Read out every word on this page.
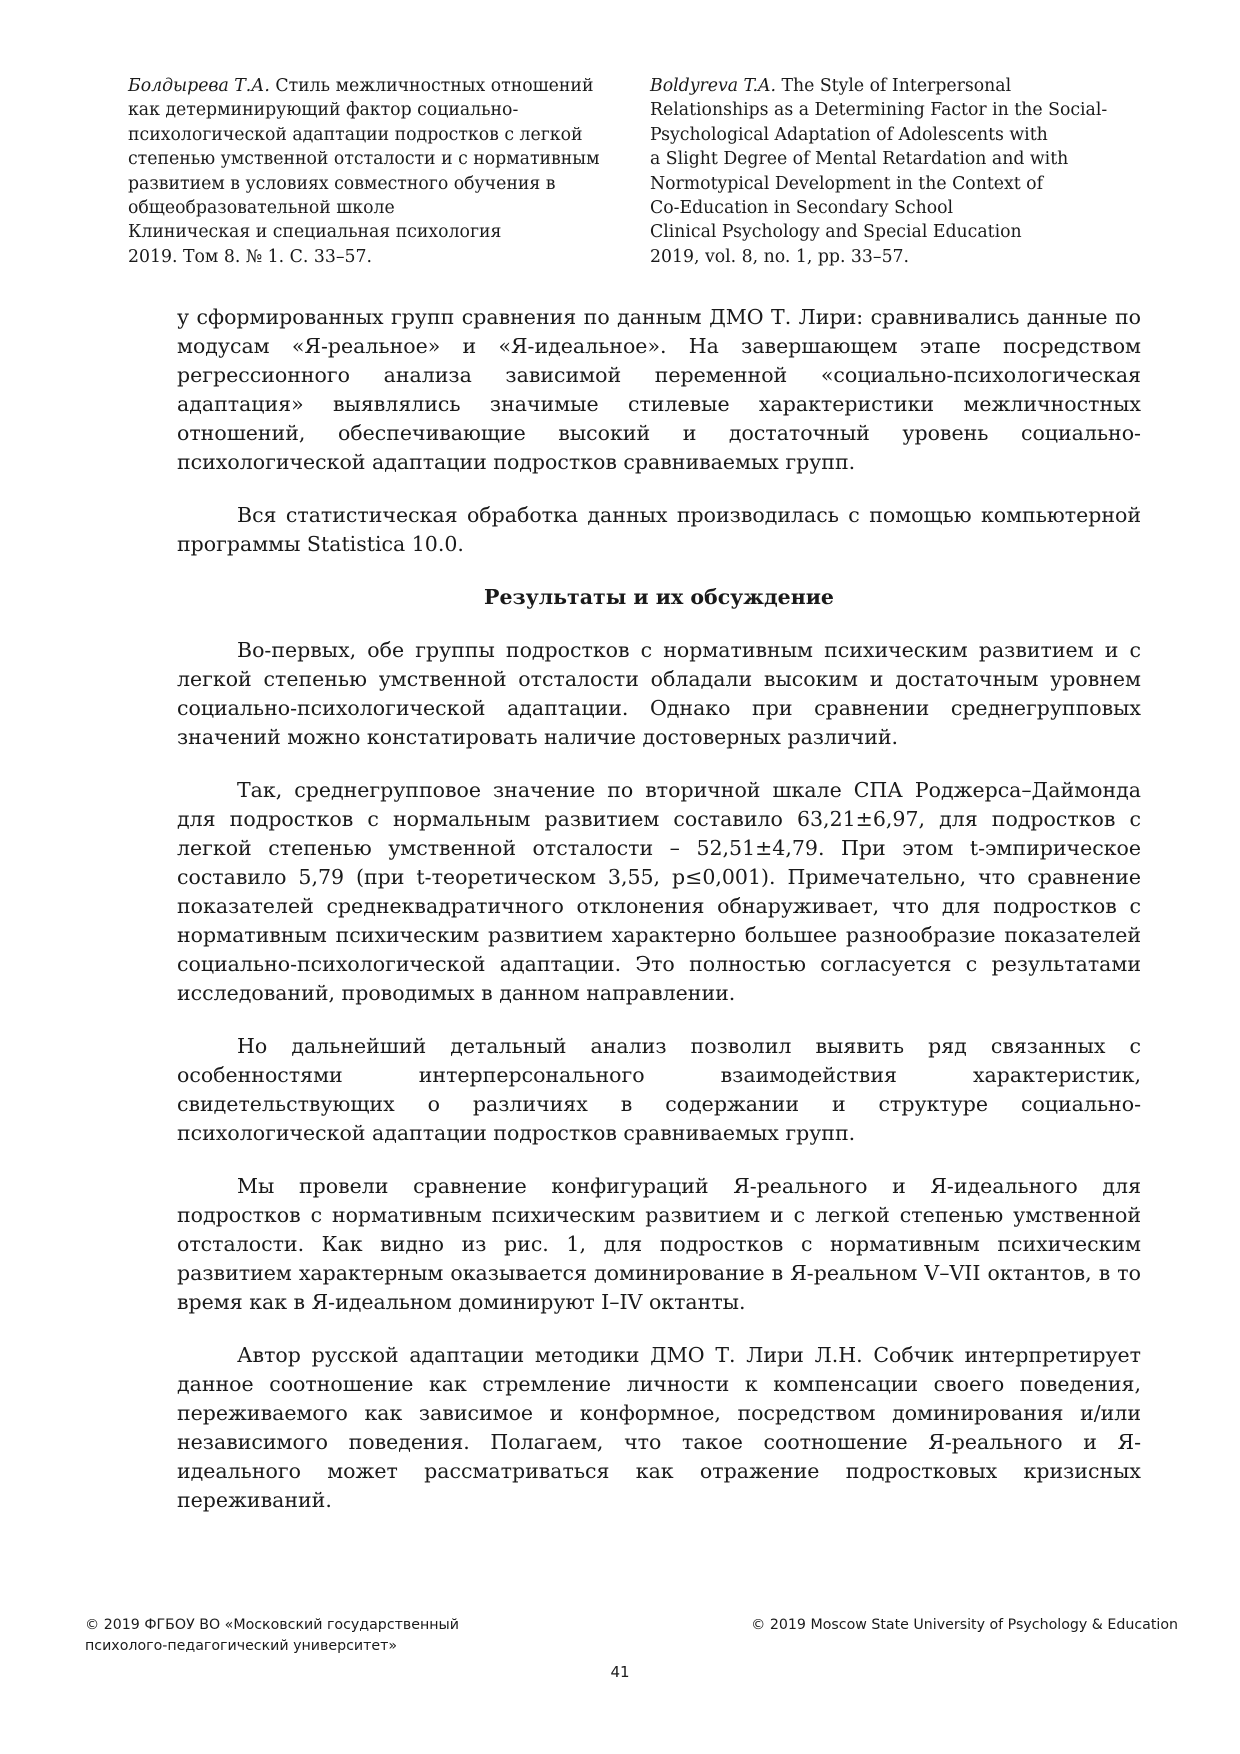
Болдырева Т.А. Стиль межличностных отношений
как детерминирующий фактор социально-
психологической адаптации подростков с легкой
степенью умственной отсталости и с нормативным
развитием в условиях совместного обучения в
общеобразовательной школе
Клиническая и специальная психология
2019. Том 8. № 1. С. 33–57.
Boldyreva T.A. The Style of Interpersonal
Relationships as a Determining Factor in the Social-
Psychological Adaptation of Adolescents with
a Slight Degree of Mental Retardation and with
Normotypical Development in the Context of
Co-Education in Secondary School
Clinical Psychology and Special Education
2019, vol. 8, no. 1, pp. 33–57.

у сформированных групп сравнения по данным ДМО Т. Лири: сравнивались данные по модусам «Я-реальное» и «Я-идеальное». На завершающем этапе посредством регрессионного анализа зависимой переменной «социально-психологическая адаптация» выявлялись значимые стилевые характеристики межличностных отношений, обеспечивающие высокий и достаточный уровень социально-психологической адаптации подростков сравниваемых групп.

Вся статистическая обработка данных производилась с помощью компьютерной программы Statistica 10.0.

Результаты и их обсуждение

Во-первых, обе группы подростков с нормативным психическим развитием и с легкой степенью умственной отсталости обладали высоким и достаточным уровнем социально-психологической адаптации. Однако при сравнении среднегрупповых значений можно констатировать наличие достоверных различий.

Так, среднегрупповое значение по вторичной шкале СПА Роджерса–Даймонда для подростков с нормальным развитием составило 63,21±6,97, для подростков с легкой степенью умственной отсталости – 52,51±4,79. При этом t-эмпирическое составило 5,79 (при t-теоретическом 3,55, p≤0,001). Примечательно, что сравнение показателей среднеквадратичного отклонения обнаруживает, что для подростков с нормативным психическим развитием характерно большее разнообразие показателей социально-психологической адаптации. Это полностью согласуется с результатами исследований, проводимых в данном направлении.

Но дальнейший детальный анализ позволил выявить ряд связанных с особенностями интерперсонального взаимодействия характеристик, свидетельствующих о различиях в содержании и структуре социально-психологической адаптации подростков сравниваемых групп.

Мы провели сравнение конфигураций Я-реального и Я-идеального для подростков с нормативным психическим развитием и с легкой степенью умственной отсталости. Как видно из рис. 1, для подростков с нормативным психическим развитием характерным оказывается доминирование в Я-реальном V–VII октантов, в то время как в Я-идеальном доминируют I–IV октанты.

Автор русской адаптации методики ДМО Т. Лири Л.Н. Собчик интерпретирует данное соотношение как стремление личности к компенсации своего поведения, переживаемого как зависимое и конформное, посредством доминирования и/или независимого поведения. Полагаем, что такое соотношение Я-реального и Я-идеального может рассматриваться как отражение подростковых кризисных переживаний.

© 2019 ФГБОУ ВО «Московский государственный
психолого-педагогический университет»
© 2019 Moscow State University of Psychology & Education
41
